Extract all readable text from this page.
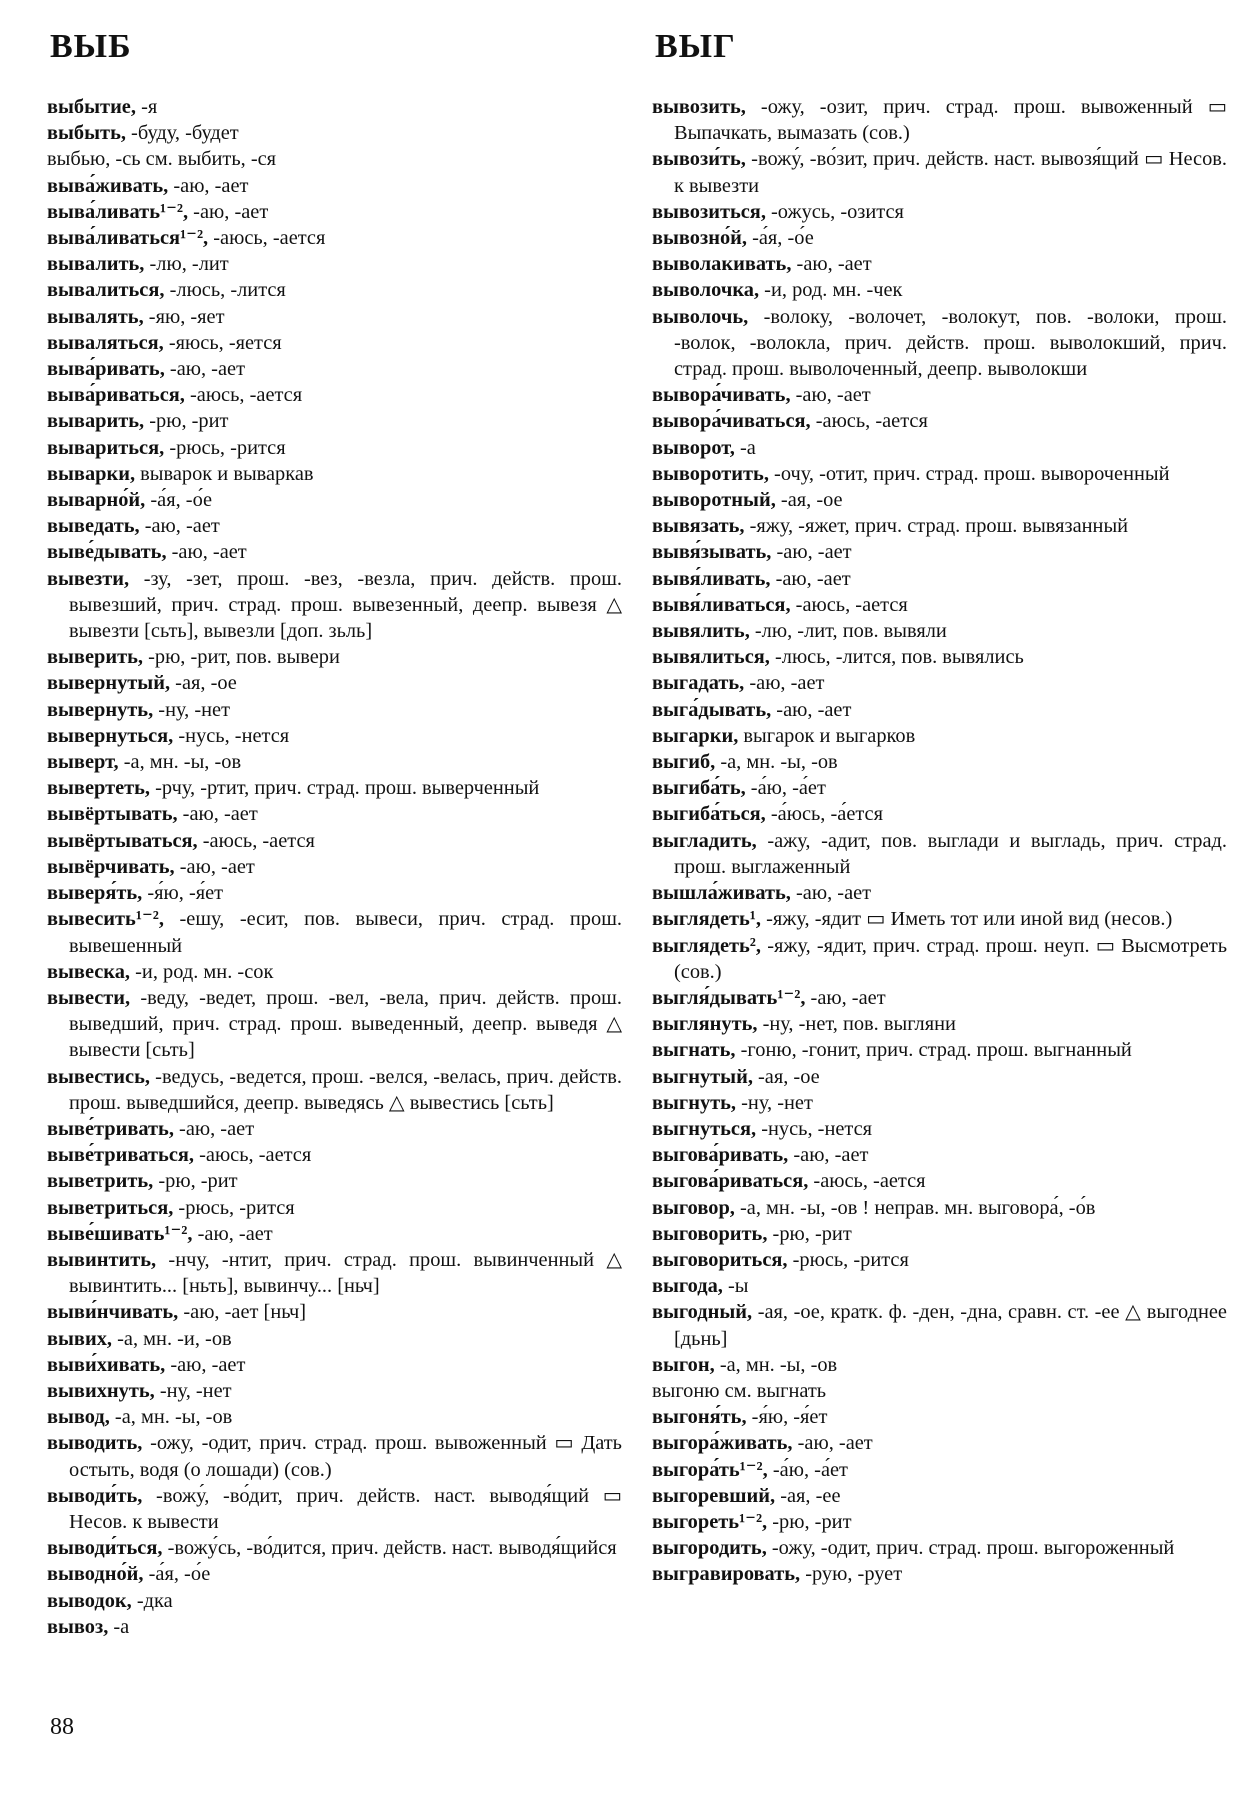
ВЫБ	ВЫГ

выбытие, -я

выбыть, -буду, -будет

выбью, -сь см. выбить, -ся

выва́живать, -аю, -ает

выва́ливать¹⁻², -аю, -ает

выва́ливаться¹⁻², -аюсь, -ается

вывалить, -лю, -лит

вывалиться, -люсь, -лится

вывалять, -яю, -яет

вываляться, -яюсь, -яется

выва́ривать, -аю, -ает

выва́риваться, -аюсь, -ается

выварить, -рю, -рит

вывариться, -рюсь, -рится

выварки, выварок и вываркав

выварно́й, -а́я, -о́е

выведать, -аю, -ает

выве́дывать, -аю, -ает

вывезти, -зу, -зет, прош. -вез, -везла, прич. действ. прош. вывезший, прич. страд. прош. вывезенный, деепр. вывезя △ вывезти [сьть], вывезли [доп. зьль]

выверить, -рю, -рит, пов. вывери

вывернутый, -ая, -ое

вывернуть, -ну, -нет

вывернуться, -нусь, -нется

выверт, -а, мн. -ы, -ов

вывертеть, -рчу, -ртит, прич. страд. прош. выверченный

вывёртывать, -аю, -ает

вывёртываться, -аюсь, -ается

вывёрчивать, -аю, -ает

выверя́ть, -я́ю, -я́ет

вывесить¹⁻², -ешу, -есит, пов. вывеси, прич. страд. прош. вывешенный

вывеска, -и, род. мн. -сок

вывести, -веду, -ведет, прош. -вел, -вела, прич. действ. прош. выведший, прич. страд. прош. выведенный, деепр. выведя △ вывести [сьть]

вывестись, -ведусь, -ведется, прош. -велся, -велась, прич. действ. прош. выведшийся, деепр. выведясь △ вывестись [сьть]

выве́тривать, -аю, -ает

выве́триваться, -аюсь, -ается

выветрить, -рю, -рит

выветриться, -рюсь, -рится

выве́шивать¹⁻², -аю, -ает

вывинтить, -нчу, -нтит, прич. страд. прош. вывинченный △ вывинтить... [ньть], вывинчу... [ньч]

выви́нчивать, -аю, -ает [ньч]

вывих, -а, мн. -и, -ов

выви́хивать, -аю, -ает

вывихнуть, -ну, -нет

вывод, -а, мн. -ы, -ов

выводить, -ожу, -одит, прич. страд. прош. вывоженный ▭ Дать остыть, водя (о лошади) (сов.)

выводи́ть, -вожу́, -во́дит, прич. действ. наст. выводя́щий ▭ Несов. к вывести

выводи́ться, -вожу́сь, -во́дится, прич. действ. наст. выводя́щийся

выводно́й, -а́я, -о́е

выводок, -дка

вывоз, -а

вывозить, -ожу, -озит, прич. страд. прош. вывоженный ▭ Выпачкать, вымазать (сов.)

вывози́ть, -вожу́, -во́зит, прич. действ. наст. вывозя́щий ▭ Несов. к вывезти

вывозиться, -ожусь, -озится

вывозно́й, -а́я, -о́е

выволакивать, -аю, -ает

выволочка, -и, род. мн. -чек

выволочь, -волоку, -волочет, -волокут, пов. -волоки, прош. -волок, -волокла, прич. действ. прош. выволокший, прич. страд. прош. выволоченный, деепр. выволокши

вывора́чивать, -аю, -ает

вывора́чиваться, -аюсь, -ается

выворот, -а

выворотить, -очу, -отит, прич. страд. прош. вывороченный

выворотный, -ая, -ое

вывязать, -яжу, -яжет, прич. страд. прош. вывязанный

вывя́зывать, -аю, -ает

вывя́ливать, -аю, -ает

вывя́ливаться, -аюсь, -ается

вывялить, -лю, -лит, пов. вывяли

вывялиться, -люсь, -лится, пов. вывялись

выгадать, -аю, -ает

выга́дывать, -аю, -ает

выгарки, выгарок и выгарков

выгиб, -а, мн. -ы, -ов

выгиба́ть, -а́ю, -а́ет

выгиба́ться, -а́юсь, -а́ется

выгладить, -ажу, -адит, пов. выглади и выгладь, прич. страд. прош. выглаженный

вышла́живать, -аю, -ает

выглядеть¹, -яжу, -ядит ▭ Иметь тот или иной вид (несов.)

выглядеть², -яжу, -ядит, прич. страд. прош. неуп. ▭ Высмотреть (сов.)

выгля́дывать¹⁻², -аю, -ает

выглянуть, -ну, -нет, пов. выгляни

выгнать, -гоню, -гонит, прич. страд. прош. выгнанный

выгнутый, -ая, -ое

выгнуть, -ну, -нет

выгнуться, -нусь, -нется

выгова́ривать, -аю, -ает

выгова́риваться, -аюсь, -ается

выговор, -а, мн. -ы, -ов ! неправ. мн. выговора́, -о́в

выговорить, -рю, -рит

выговориться, -рюсь, -рится

выгода, -ы

выгодный, -ая, -ое, кратк. ф. -ден, -дна, сравн. ст. -ее △ выгоднее [дьнь]

выгон, -а, мн. -ы, -ов

выгоню см. выгнать

выгоня́ть, -я́ю, -я́ет

выгора́живать, -аю, -ает

выгора́ть¹⁻², -а́ю, -а́ет

выгоревший, -ая, -ее

выгореть¹⁻², -рю, -рит

выгородить, -ожу, -одит, прич. страд. прош. выгороженный

выгравировать, -рую, -рует

88
